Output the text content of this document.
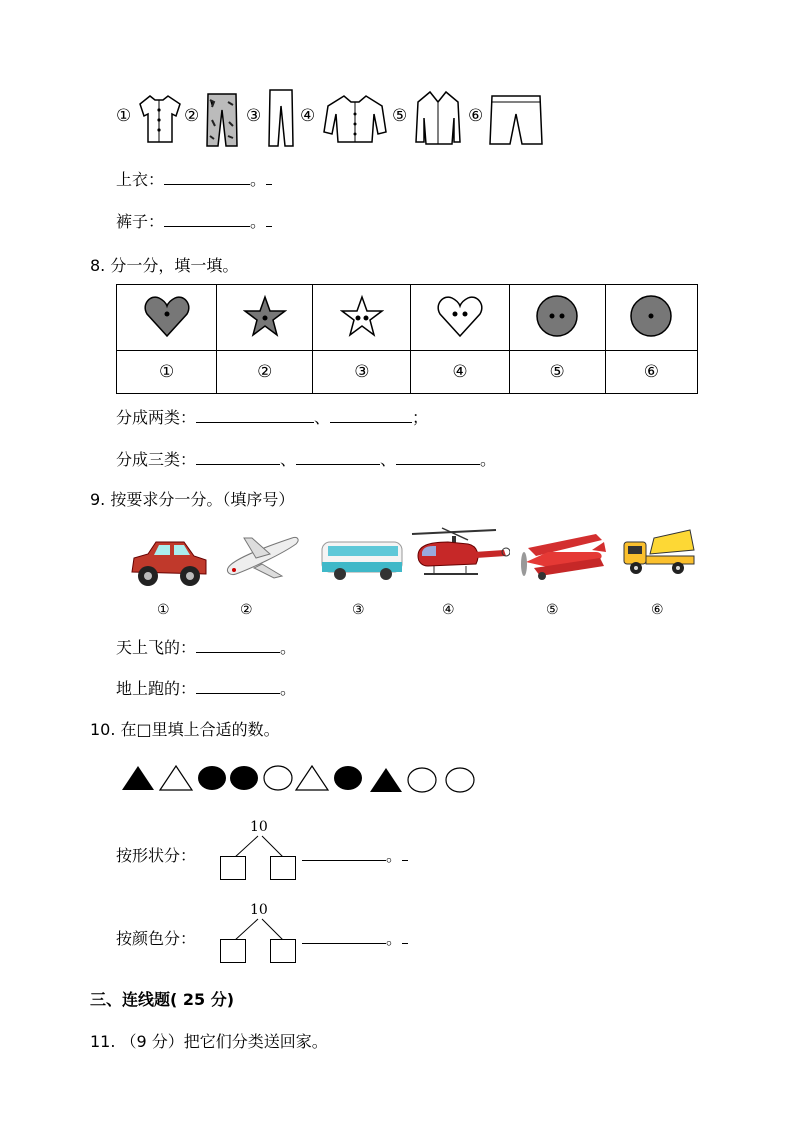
①	②	③ ④	⑤	⑥
上衣：	。
裤子：	。
8. 分一分，填一填。

①	②	③	④	⑤	⑥
分成两类：	、	；
分成三类：	、	、	。
9. 按要求分一分。（填序号）
①	②	③	④	⑤	⑥
天上飞的：	。
地上跑的：	。
10. 在□里填上合适的数。
按形状分：
10
。
按颜色分：
10
。
三、连线题( 25 分)
11. （9 分）把它们分类送回家。
